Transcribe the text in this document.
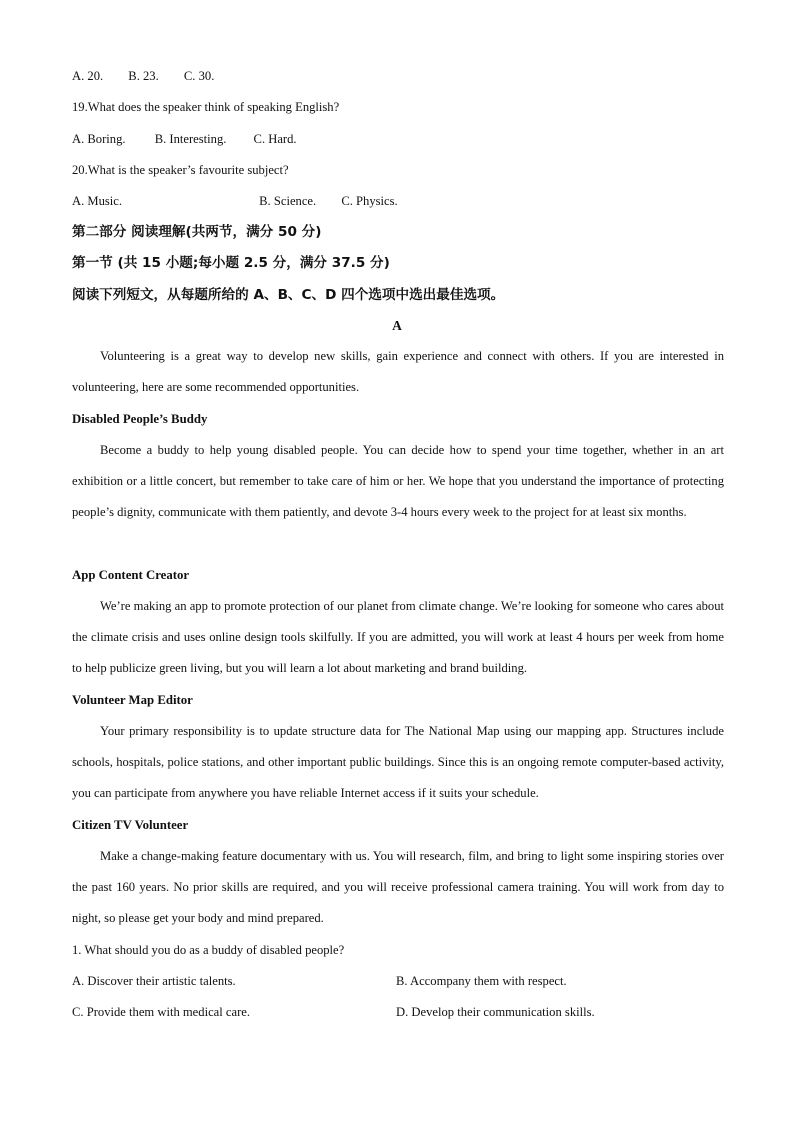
A. 20. B. 23. C. 30.
19.What does the speaker think of speaking English?
A. Boring. B. Interesting. C. Hard.
20.What is the speaker’s favourite subject?
A. Music.	B. Science. C. Physics.
第二部分 阅读理解(共两节，满分 50 分)
第一节 (共 15 小题;每小题 2.5 分，满分 37.5 分)
阅读下列短文，从每题所给的 A、B、C、D 四个选项中选出最佳选项。
A

Volunteering is a great way to develop new skills, gain experience and connect with others. If you are interested in volunteering, here are some recommended opportunities.

Disabled People’s Buddy

Become a buddy to help young disabled people. You can decide how to spend your time together, whether in an art exhibition or a little concert, but remember to take care of him or her. We hope that you understand the importance of protecting people’s dignity, communicate with them patiently, and devote 3-4 hours every week to the project for at least six months.

App Content Creator

We’re making an app to promote protection of our planet from climate change. We’re looking for someone who cares about the climate crisis and uses online design tools skilfully. If you are admitted, you will work at least 4 hours per week from home to help publicize green living, but you will learn a lot about marketing and brand building.

Volunteer Map Editor

Your primary responsibility is to update structure data for The National Map using our mapping app. Structures include schools, hospitals, police stations, and other important public buildings. Since this is an ongoing remote computer-based activity, you can participate from anywhere you have reliable Internet access if it suits your schedule.

Citizen TV Volunteer

Make a change-making feature documentary with us. You will research, film, and bring to light some inspiring stories over the past 160 years. No prior skills are required, and you will receive professional camera training. You will work from day to night, so please get your body and mind prepared.

1. What should you do as a buddy of disabled people?
A. Discover their artistic talents.	B. Accompany them with respect.
C. Provide them with medical care.	D. Develop their communication skills.
